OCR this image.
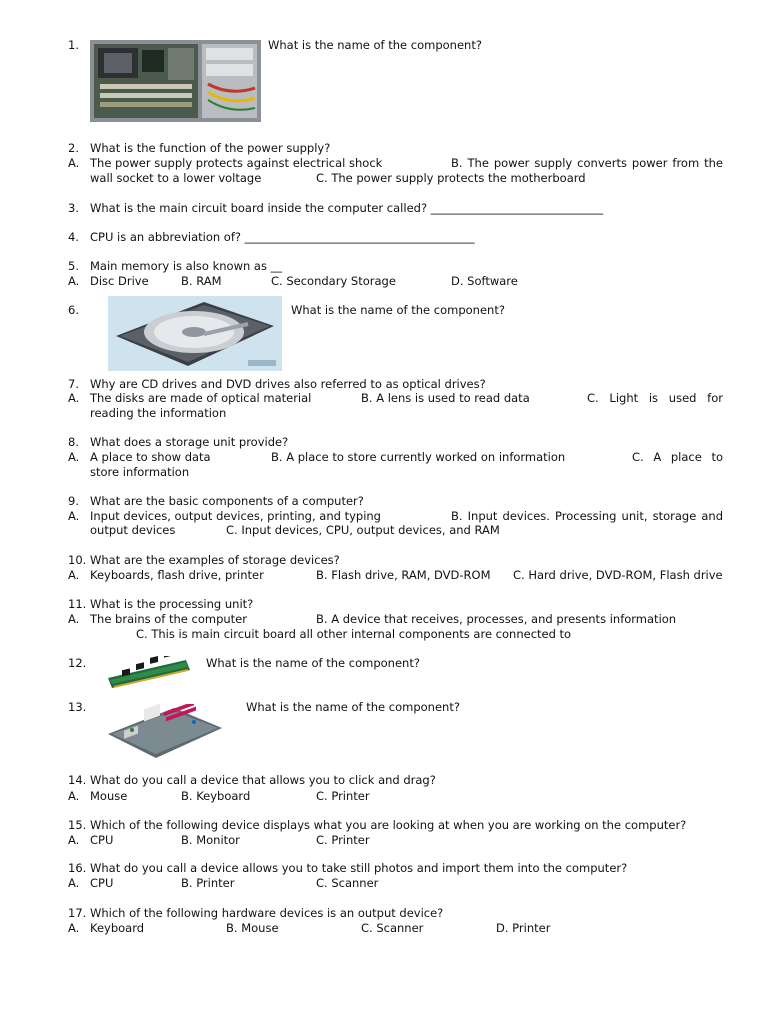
1.	What is the name of the component?
2. What is the function of the power supply?
A. The power supply protects against electrical shock	B. The power supply converts power from the
wall socket to a lower voltage	C. The power supply protects the motherboard
3. What is the main circuit board inside the computer called? ______________________________
4. CPU is an abbreviation of? ________________________________________
5. Main memory is also known as __
A. Disc Drive	B. RAM	C. Secondary Storage	D. Software
6.	What is the name of the component?
7. Why are CD drives and DVD drives also referred to as optical drives?
A. The disks are made of optical material	B. A lens is used to read data	C. Light is used for
reading the information
8. What does a storage unit provide?
A. A place to show data	B. A place to store currently worked on information	C. A place to
store information
9. What are the basic components of a computer?
A. Input devices, output devices, printing, and typing	B. Input devices. Processing unit, storage and
output devices	C. Input devices, CPU, output devices, and RAM
10. What are the examples of storage devices?
A. Keyboards, flash drive, printer	B. Flash drive, RAM, DVD-ROM C. Hard drive, DVD-ROM, Flash drive
11. What is the processing unit?
A. The brains of the computer	B. A device that receives, processes, and presents information
C. This is main circuit board all other internal components are connected to
12.	What is the name of the component?
13.	What is the name of the component?
14. What do you call a device that allows you to click and drag?
A. Mouse	B. Keyboard	C. Printer
15. Which of the following device displays what you are looking at when you are working on the computer?
A. CPU	B. Monitor	C. Printer
16. What do you call a device allows you to take still photos and import them into the computer?
A. CPU	B. Printer	C. Scanner
17. Which of the following hardware devices is an output device?
A. Keyboard	B. Mouse	C. Scanner	D. Printer
